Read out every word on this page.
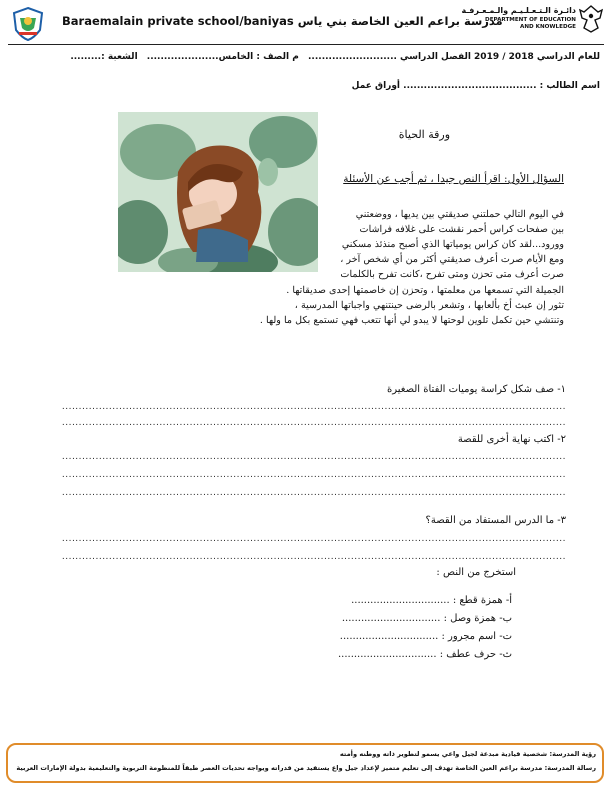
Baraemalain private school/baniyas مدرسة براعم العين الخاصة بني ياس
دائـرة الـتـعـلـيـم والـمـعـرفـة
DEPARTMENT OF EDUCATION
AND KNOWLEDGE
للعام الدراسي 2018 / 2019 الفصل الدراسي .......................... م الصف : الخامس..................... الشعبة :.........
اسم الطالب : ....................................... أوراق عمل
ورقة الحياة
السؤال الأول: اقرأ النص جيدا ، ثم أجب عن الأسئلة
في اليوم التالي حملتني صديقتي بين يديها ، ووضعتني
بين صفحات كراس أحمر نقشت على غلافه فراشات
وورود...لقد كان كراس يومياتها الذي أصبح منذئذ مسكني
ومع الأيام صرت أعرف صديقتي أكثر من أي شخص آخر ،
صرت أعرف متى تحزن ومتى تفرح ،كانت تفرح بالكلمات
الجميلة التي تسمعها من معلمتها ، وتحزن إن خاصمتها إحدى صديقاتها .
تثور إن عبث أخ بألعابها ، وتشعر بالرضى حينتنهي واجباتها المدرسية ،
وتنتشي حين تكمل تلوين لوحتها لا يبدو لي أنها تتعب فهي تستمع بكل ما ولها .
١- صف شكل كراسة يوميات الفتاة الصغيرة
......................................................................................................................................................
......................................................................................................................................................
٢- اكتب نهاية أخرى للقصة
......................................................................................................................................................
......................................................................................................................................................
......................................................................................................................................................
٣- ما الدرس المستفاد من القصة؟
......................................................................................................................................................
......................................................................................................................................................
استخرج من النص :
أ- همزة قطع : ...............................
ب- همزة وصل : ...............................
ت- اسم مجرور : ...............................
ث- حرف عطف : ...............................
رؤية المدرسة: شخصية قيادية مبدعة لجيل واعي يسمو لتطوير ذاته ووطنه وأمته
رسالة المدرسة: مدرسة براعم العين الخاصة تهدف إلى تعليم متميز لإعداد جيل واع يستفيد من قدراته ويواجه تحديات العصر طبقاً للمنظومة التربوية والتعليمية بدولة الإمارات العربية
